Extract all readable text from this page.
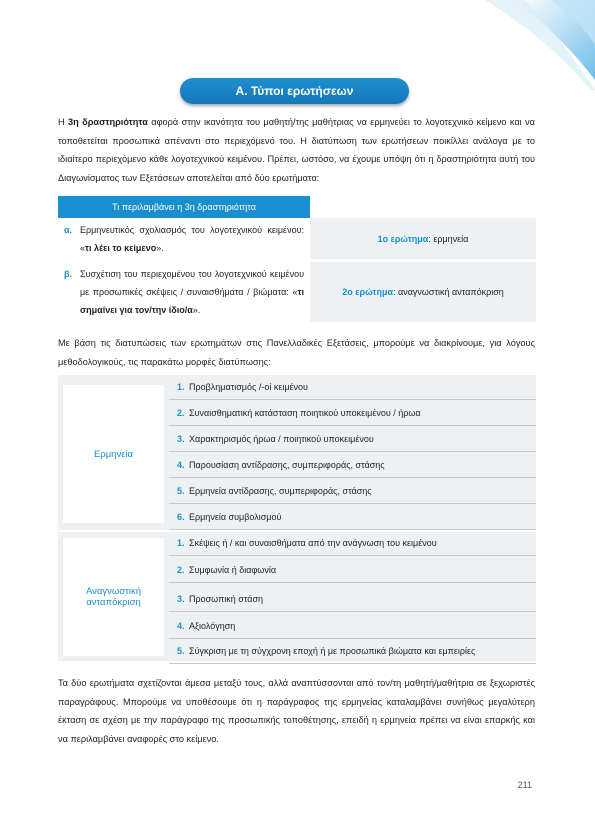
Α. Τύποι ερωτήσεων
Η 3η δραστηριότητα αφορά στην ικανότητα του μαθητή/της μαθήτριας να ερμηνεύει το λογοτεχνικό κείμενο και να τοποθετείται προσωπικά απέναντι στο περιεχόμενό του. Η διατύπωση των ερωτήσεων ποικίλλει ανάλογα με το ιδιαίτερο περιεχόμενο κάθε λογοτεχνικού κειμένου. Πρέπει, ωστόσο, να έχουμε υπόψη ότι η δραστηριότητα αυτή του Διαγωνίσματος των Εξετάσεων αποτελείται από δύο ερωτήματα:
Τι περιλαμβάνει η 3η δραστηριότητα
α. Ερμηνευτικός σχολιασμός του λογοτεχνικού κειμένου: «τι λέει το κείμενο».
1ο ερώτημα : ερμηνεία
β. Συσχέτιση του περιεχομένου του λογοτεχνικού κειμένου με προσωπικές σκέψεις / συναισθήματα / βιώματα: «τι σημαίνει για τον/την ίδιο/α».
2ο ερώτημα : αναγνωστική ανταπόκριση
Με βάση τις διατυπώσεις των ερωτημάτων στις Πανελλαδικές Εξετάσεις, μπορούμε να διακρίνουμε, για λόγους μεθοδολογικούς, τις παρακάτω μορφές διατύπωσης:
Ερμηνεία
1. Προβληματισμός /-οί κειμένου
2. Συναισθηματική κατάσταση ποιητικού υποκειμένου / ήρωα
3. Χαρακτηρισμός ήρωα / ποιητικού υποκειμένου
4. Παρουσίαση αντίδρασης, συμπεριφοράς, στάσης
5. Ερμηνεία αντίδρασης, συμπεριφοράς, στάσης
6. Ερμηνεία συμβολισμού
Αναγνωστική
ανταπόκριση
1. Σκέψεις ή / και συναισθήματα από την ανάγνωση του κειμένου
2. Συμφωνία ή διαφωνία
3. Προσωπική στάση
4. Αξιολόγηση
5. Σύγκριση με τη σύγχρονη εποχή ή με προσωπικά βιώματα και εμπειρίες
Τα δύο ερωτήματα σχετίζονται άμεσα μεταξύ τους, αλλά αναπτύσσονται από τον/τη μαθητή/μαθήτρια σε ξεχωριστές παραγράφους. Μπορούμε να υποθέσουμε ότι η παράγραφος της ερμηνείας καταλαμβάνει συνήθως μεγαλύτερη έκταση σε σχέση με την παράγραφο της προσωπικής τοποθέτησης, επειδή η ερμηνεία πρέπει να είναι επαρκής και να περιλαμβάνει αναφορές στο κείμενο.
211
